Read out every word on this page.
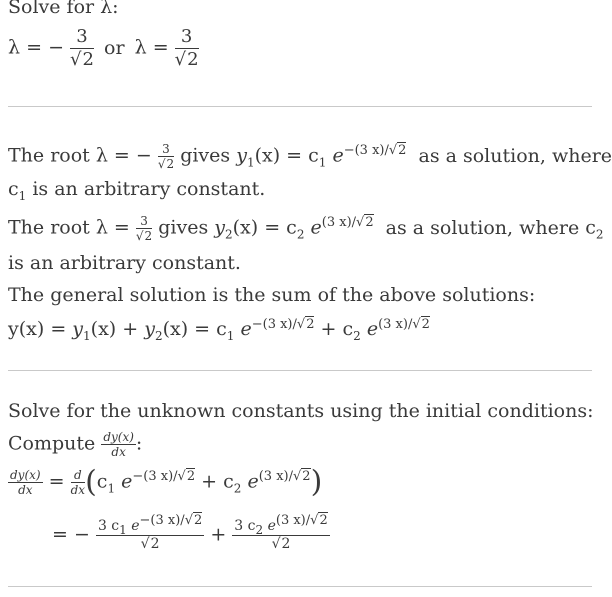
Solve for λ:
λ = − $\frac{3}{√2}$ or $\lambda = \frac{3}{√2}$
The root λ = − $\frac{3}{√2}$ gives $y_1(x) = c_1$ $e^{-(3 x)/√2}$ as a solution, where
$c_1$ is an arbitrary constant.
The root $\lambda = \frac{3}{√2}$ gives $y_2(x) = c_2$ $e^{(3 x)/√2}$ as a solution, where $c_2$
is an arbitrary constant.
The general solution is the sum of the above solutions:
$y(x) = y_1(x) + y_2(x) = c_1$ $e^{-(3 x)/√2} + c_2$ $e^{(3 x)/√2}$
Solve for the unknown constants using the initial conditions:
Compute $\frac{dy(x)}{dx}$ :
$\frac{dy(x)}{dx} = \frac{d}{dx} (c_1$ $e^{-(3 x)/√2} + c_2$ $e^{(3 x)/√2}$)
= − $\frac{3 c1 e-(3 x)/√2}{√2} + \frac{3 c2 e(3 x)/√2}{√2}$
